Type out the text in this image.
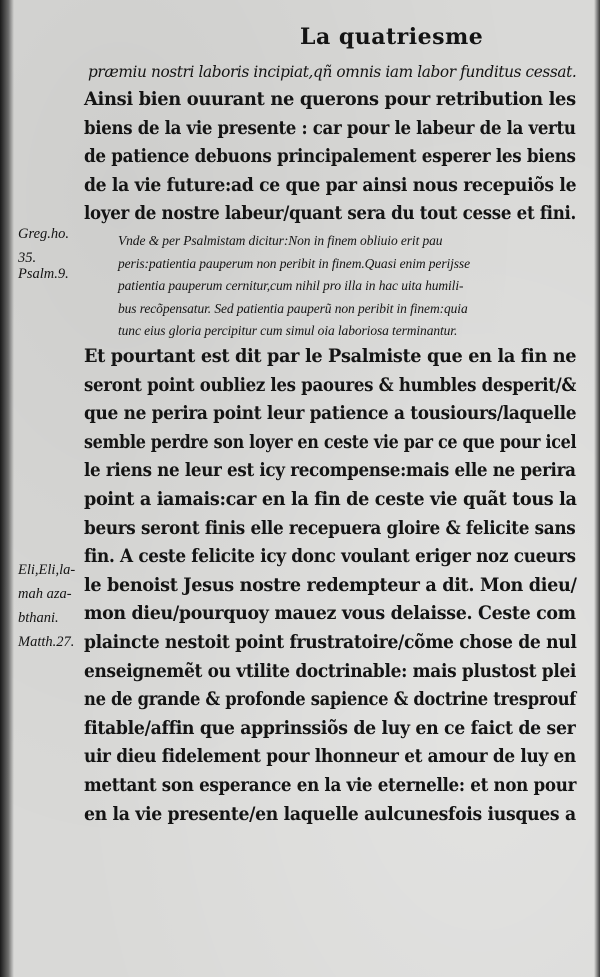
La quatriesme
præmiu nostri laboris incipiat,qñ omnis iam labor funditus cessat.
Ainsi bien ouurant ne querons pour retribution les
biens de la vie presente : car pour le labeur de la vertu
de patience debuons principalement esperer les biens
de la vie future:ad ce que par ainsi nous recepuiõs le
loyer de nostre labeur/quant sera du tout cesse et fini.
Greg.ho.
35.
Psalm.9.
Vnde & per Psalmistam dicitur:Non in finem obliuio erit pau
peris:patientia pauperum non peribit in finem.Quasi enim perijsse
patientia pauperum cernitur,cum nihil pro illa in hac uita humili-
bus recõpensatur. Sed patientia pauperũ non peribit in finem:quia
tunc eius gloria percipitur cum simul oia laboriosa terminantur.
Et pourtant est dit par le Psalmiste que en la fin ne
seront point oubliez les paoures & humbles desperit/&
que ne perira point leur patience a tousiours/laquelle
semble perdre son loyer en ceste vie par ce que pour icel
le riens ne leur est icy recompense:mais elle ne perira
point a iamais:car en la fin de ceste vie quãt tous la
beurs seront finis elle recepuera gloire & felicite sans
fin. A ceste felicite icy donc voulant eriger noz cueurs
le benoist Jesus nostre redempteur a dit. Mon dieu/
mon dieu/pourquoy mauez vous delaisse. Ceste com
plaincte nestoit point frustratoire/cõme chose de nul
enseignemẽt ou vtilite doctrinable: mais plustost plei
ne de grande & profonde sapience & doctrine tresprouf
fitable/affin que apprinssiõs de luy en ce faict de ser
uir dieu fidelement pour lhonneur et amour de luy en
mettant son esperance en la vie eternelle: et non pour
en la vie presente/en laquelle aulcunesfois iusques a
Eli,Eli,la-
mah aza-
bthani.
Matth.27.
